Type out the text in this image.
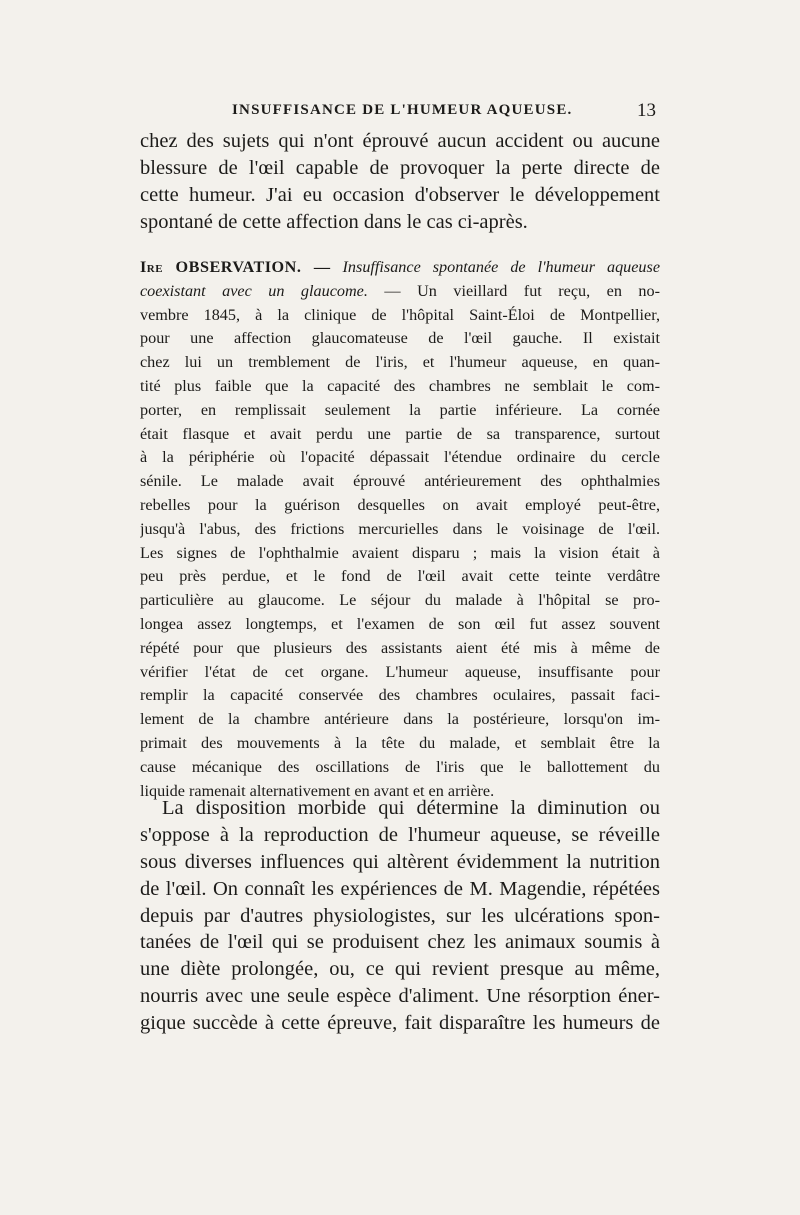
INSUFFISANCE DE L'HUMEUR AQUEUSE.	13
chez des sujets qui n'ont éprouvé aucun accident ou aucune
blessure de l'œil capable de provoquer la perte directe de
cette humeur. J'ai eu occasion d'observer le développement
spontané de cette affection dans le cas ci-après.
Ire OBSERVATION. — Insuffisance spontanée de l'humeur aqueuse
coexistant avec un glaucome. — Un vieillard fut reçu, en no-
vembre 1845, à la clinique de l'hôpital Saint-Éloi de Montpellier,
pour une affection glaucomateuse de l'œil gauche. Il existait
chez lui un tremblement de l'iris, et l'humeur aqueuse, en quan-
tité plus faible que la capacité des chambres ne semblait le com-
porter, en remplissait seulement la partie inférieure. La cornée
était flasque et avait perdu une partie de sa transparence, surtout
à la périphérie où l'opacité dépassait l'étendue ordinaire du cercle
sénile. Le malade avait éprouvé antérieurement des ophthalmies
rebelles pour la guérison desquelles on avait employé peut-être,
jusqu'à l'abus, des frictions mercurielles dans le voisinage de l'œil.
Les signes de l'ophthalmie avaient disparu ; mais la vision était à
peu près perdue, et le fond de l'œil avait cette teinte verdâtre
particulière au glaucome. Le séjour du malade à l'hôpital se pro-
longea assez longtemps, et l'examen de son œil fut assez souvent
répété pour que plusieurs des assistants aient été mis à même de
vérifier l'état de cet organe. L'humeur aqueuse, insuffisante pour
remplir la capacité conservée des chambres oculaires, passait faci-
lement de la chambre antérieure dans la postérieure, lorsqu'on im-
primait des mouvements à la tête du malade, et semblait être la
cause mécanique des oscillations de l'iris que le ballottement du
liquide ramenait alternativement en avant et en arrière.
La disposition morbide qui détermine la diminution ou
s'oppose à la reproduction de l'humeur aqueuse, se réveille
sous diverses influences qui altèrent évidemment la nutrition
de l'œil. On connaît les expériences de M. Magendie, répétées
depuis par d'autres physiologistes, sur les ulcérations spon-
tanées de l'œil qui se produisent chez les animaux soumis à
une diète prolongée, ou, ce qui revient presque au même,
nourris avec une seule espèce d'aliment. Une résorption éner-
gique succède à cette épreuve, fait disparaître les humeurs de
